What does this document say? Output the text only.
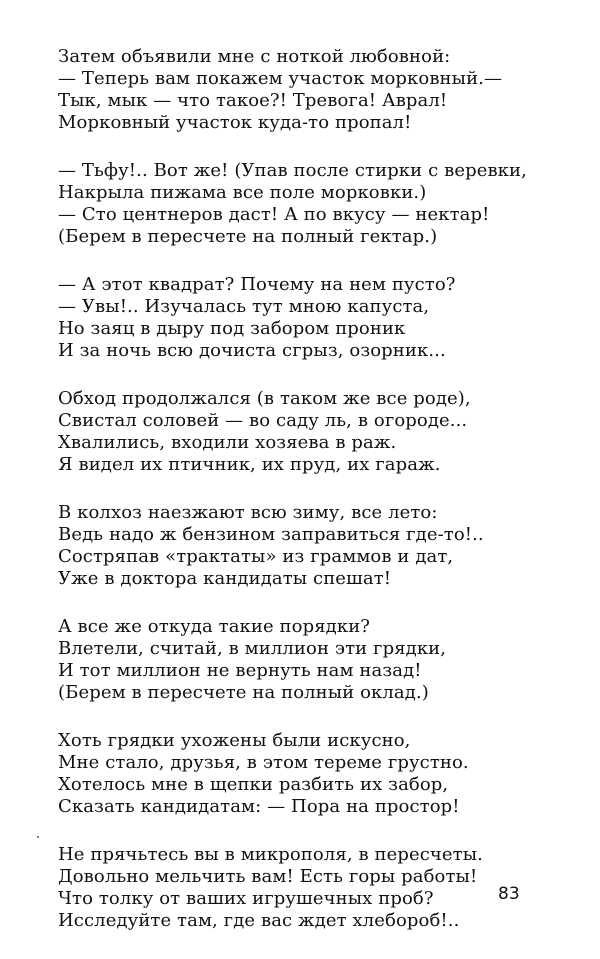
Затем объявили мне с ноткой любовной:
— Теперь вам покажем участок морковный.—
Тык, мык — что такое?! Тревога! Аврал!
Морковный участок куда-то пропал!
— Тьфу!.. Вот же! (Упав после стирки с веревки,
Накрыла пижама все поле морковки.)
— Сто центнеров даст! А по вкусу — нектар!
(Берем в пересчете на полный гектар.)
— А этот квадрат? Почему на нем пусто?
— Увы!.. Изучалась тут мною капуста,
Но заяц в дыру под забором проник
И за ночь всю дочиста сгрыз, озорник...
Обход продолжался (в таком же все роде),
Свистал соловей — во саду ль, в огороде...
Хвалились, входили хозяева в раж.
Я видел их птичник, их пруд, их гараж.
В колхоз наезжают всю зиму, все лето:
Ведь надо ж бензином заправиться где-то!..
Состряпав «трактаты» из граммов и дат,
Уже в доктора кандидаты спешат!
А все же откуда такие порядки?
Влетели, считай, в миллион эти грядки,
И тот миллион не вернуть нам назад!
(Берем в пересчете на полный оклад.)
Хоть грядки ухожены были искусно,
Мне стало, друзья, в этом тереме грустно.
Хотелось мне в щепки разбить их забор,
Сказать кандидатам: — Пора на простор!
Не прячьтесь вы в микрополя, в пересчеты.
Довольно мельчить вам! Есть горы работы!
Что толку от ваших игрушечных проб?
Исследуйте там, где вас ждет хлебороб!..
83
